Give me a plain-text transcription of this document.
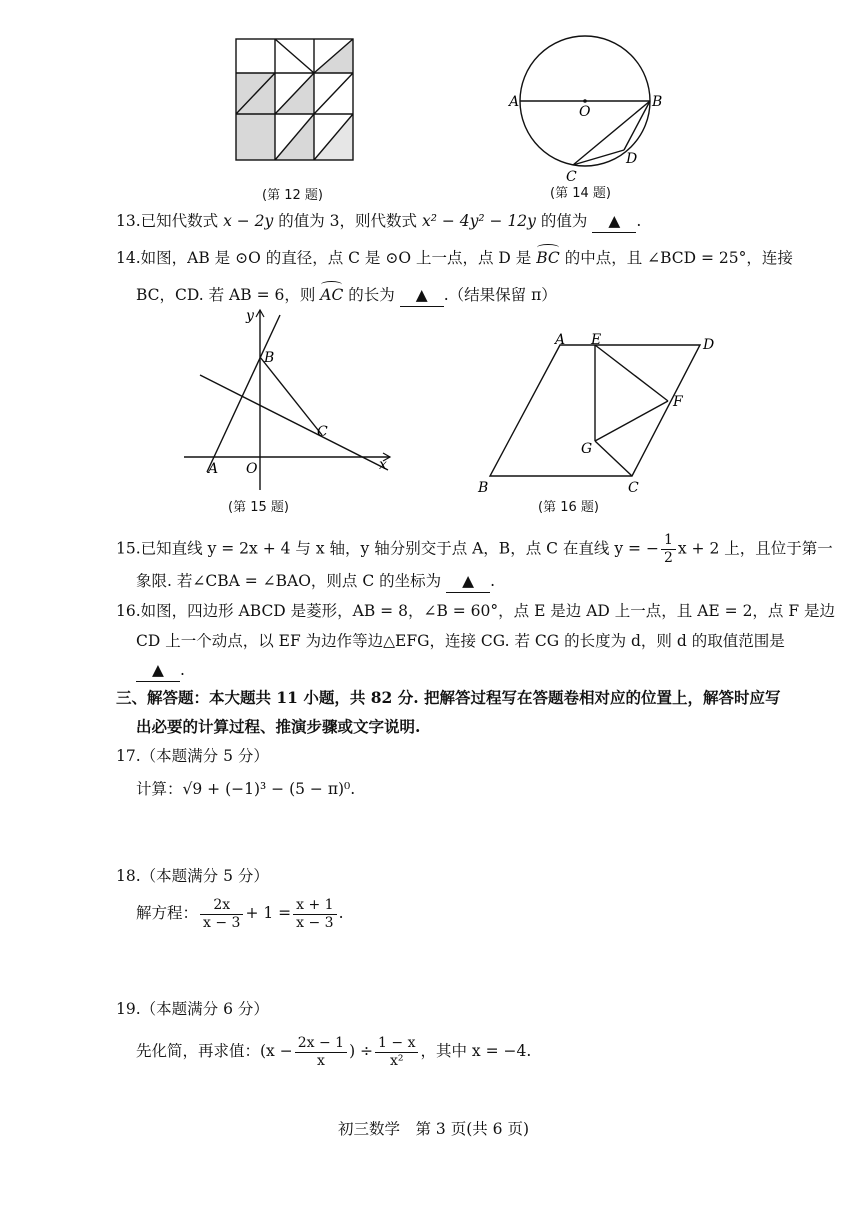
(第 12 题)
A
O
B
C
D
(第 14 题)
13.已知代数式 x − 2y 的值为 3，则代数式 x² − 4y² − 12y 的值为 ▲ .
14.如图，AB 是 ⊙O 的直径，点 C 是 ⊙O 上一点，点 D 是 BC 的中点，且 ∠BCD = 25°，连接
BC，CD. 若 AB = 6，则 AC 的长为 ▲ .（结果保留 π）
y
B
C
A O	x
(第 15 题)
A E	D
F
G
B	C
(第 16 题)
15.已知直线 y = 2x + 4 与 x 轴，y 轴分别交于点 A，B，点 C 在直线 y = − $\frac{1}{2}$ x + 2 上，且位于第一
象限. 若∠CBA = ∠BAO，则点 C 的坐标为 ▲ .
16.如图，四边形 ABCD 是菱形，AB = 8，∠B = 60°，点 E 是边 AD 上一点，且 AE = 2，点 F 是边
CD 上一个动点，以 EF 为边作等边△EFG，连接 CG. 若 CG 的长度为 d，则 d 的取值范围是
▲ .
三、解答题：本大题共 11 小题，共 82 分. 把解答过程写在答题卷相对应的位置上，解答时应写
出必要的计算过程、推演步骤或文字说明.
17.（本题满分 5 分）
计算：√9 + (−1)³ − (5 − π)⁰.
18.（本题满分 5 分）
解方程： $\frac{2x}{x - 3} + 1 = \frac{x + 1}{x - 3}$ .
19.（本题满分 6 分）
先化简，再求值：($x - \frac{2x - 1}{x}$ ) ÷ $\frac{1 - x}{\text{x²}}$ ，其中 x = −4.
初三数学　第 3 页(共 6 页)
